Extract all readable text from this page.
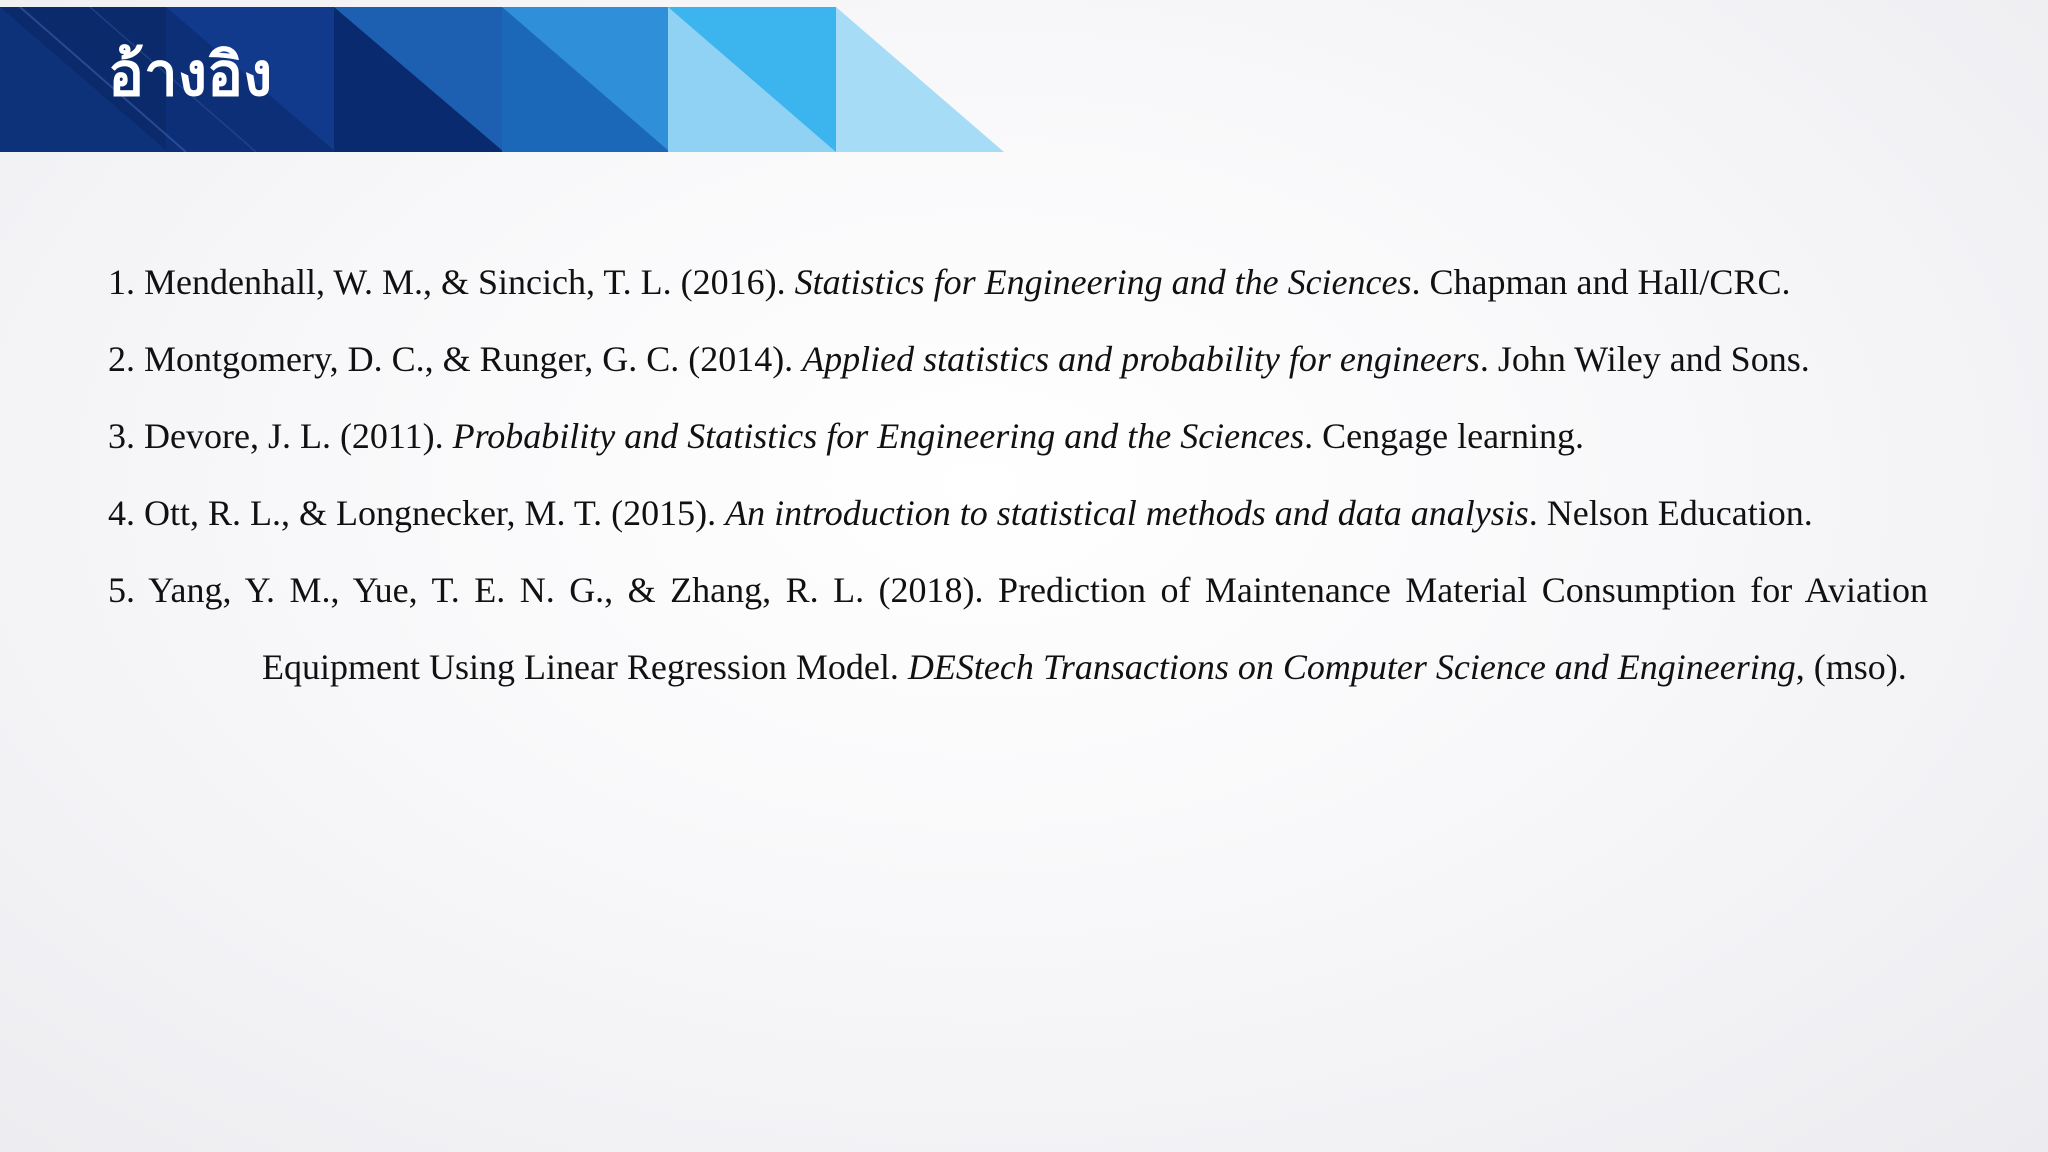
อ้างอิง
1. Mendenhall, W. M., & Sincich, T. L. (2016). Statistics for Engineering and the Sciences. Chapman and Hall/CRC.
2. Montgomery, D. C., & Runger, G. C. (2014). Applied statistics and probability for engineers. John Wiley and Sons.
3. Devore, J. L. (2011). Probability and Statistics for Engineering and the Sciences. Cengage learning.
4. Ott, R. L., & Longnecker, M. T. (2015). An introduction to statistical methods and data analysis. Nelson Education.
5. Yang, Y. M., Yue, T. E. N. G., & Zhang, R. L. (2018). Prediction of Maintenance Material Consumption for Aviation Equipment Using Linear Regression Model. DEStech Transactions on Computer Science and Engineering, (mso).
